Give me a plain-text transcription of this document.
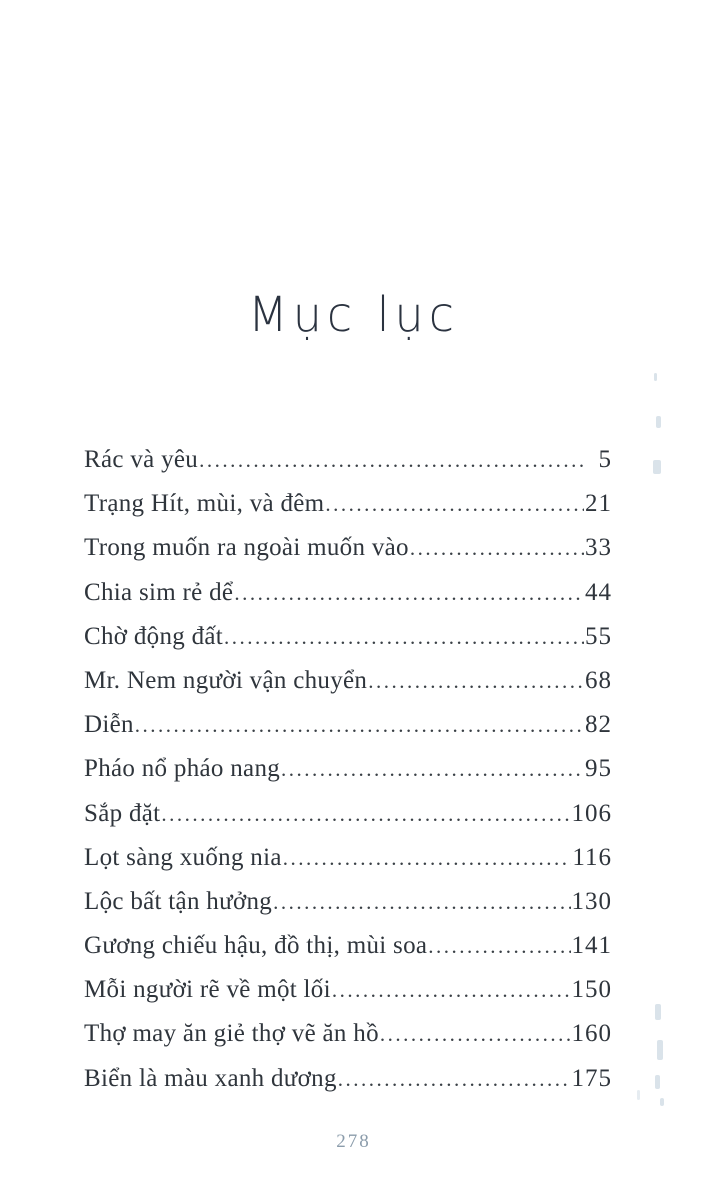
Mục lục
Rác và yêu .....	5
Trạng Hít, mùi, và đêm .....	21
Trong muốn ra ngoài muốn vào .....	33
Chia sim rẻ dể .....	44
Chờ động đất .....	55
Mr. Nem người vận chuyển .....	68
Diễn .....	82
Pháo nổ pháo nang .....	95
Sắp đặt .....	106
Lọt sàng xuống nia .....	116
Lộc bất tận hưởng .....	130
Gương chiếu hậu, đồ thị, mùi soa .....	141
Mỗi người rẽ về một lối .....	150
Thợ may ăn giẻ thợ vẽ ăn hồ .....	160
Biển là màu xanh dương .....	175
278
